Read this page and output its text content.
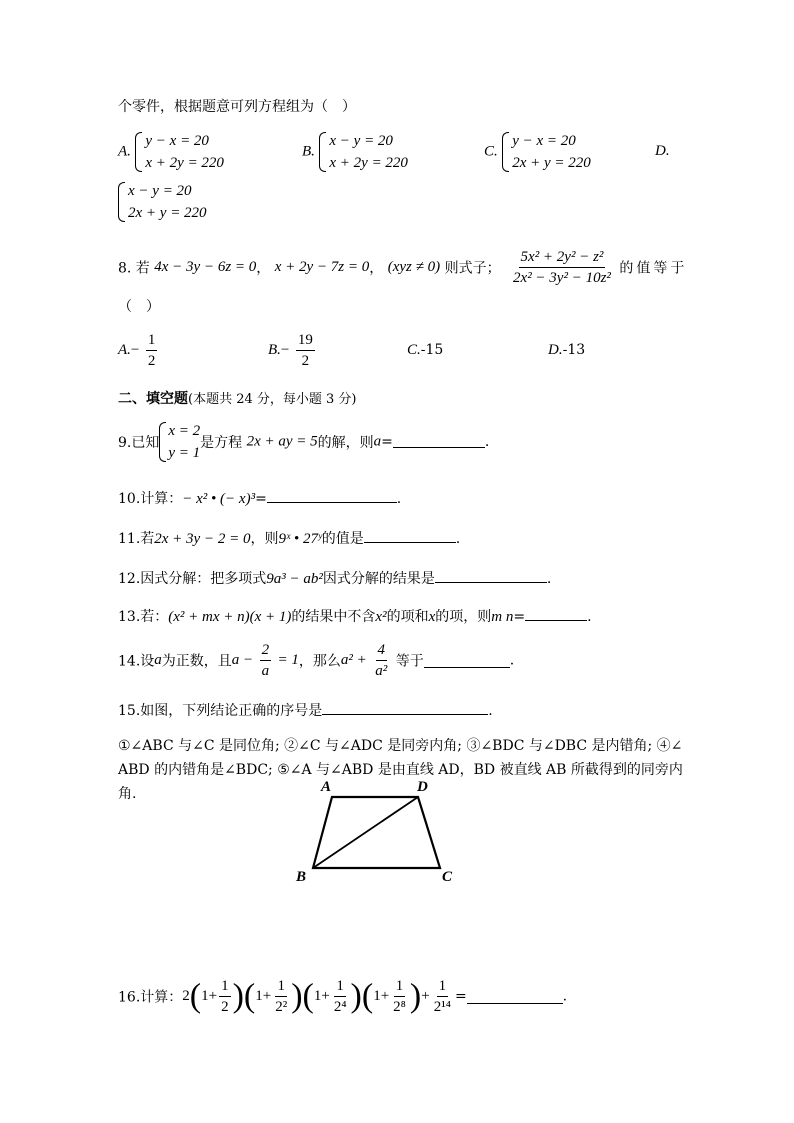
个零件，根据题意可列方程组为（　）
A. y − x = 20
x + 2y = 220
B. x − y = 20
x + 2y = 220
C. y − x = 20
2x + y = 220
D.
x − y = 20
2x + y = 220
8. 若 4x − 3y − 6z = 0， x + 2y − 7z = 0， (xyz ≠ 0) 则式子； $\frac{\text{5x² + 2y² − z²}}{\text{2x² − 3y² − 10z²}}$ 的值等于
（　）
$A.- \frac{1}{2}$	$B.- \frac{19}{2}$	C.-15	D.-13
二、填空题(本题共 24 分，每小题 3 分)
9.已知x = 2
y = 1是方程 2x + ay = 5的解，则a=	.
10.计算：− x² • (− x)³=	.
11.若2x + 3y − 2 = 0，则9ˣ • 27ʸ的值是	.
12.因式分解：把多项式9a³ − ab²因式分解的结果是	.
13.若：(x² + mx + n)(x + 1)的结果中不含x²的项和x的项，则m n=	.
14.设a为正数，且$a - \frac{2}{a} = 1$，那么$a^2 + \frac{4}{\text{a²}}$ 等于	.
15.如图，下列结论正确的序号是	.
①∠ABC 与∠C 是同位角; ②∠C 与∠ADC 是同旁内角; ③∠BDC 与∠DBC 是内错角; ④∠
ABD 的内错角是∠BDC; ⑤∠A 与∠ABD 是由直线 AD，BD 被直线 AB 所截得到的同旁内
角.	A	D
B	C
16.计算：$2(1+ \frac{1}{2} )(1+ \frac{1}{\text{2²}} )(1+ \frac{1}{\text{2⁴}} )(1+ \frac{1}{\text{2⁸}}$ )+ $\frac{1}{\text{2¹⁴}}$ =	.
